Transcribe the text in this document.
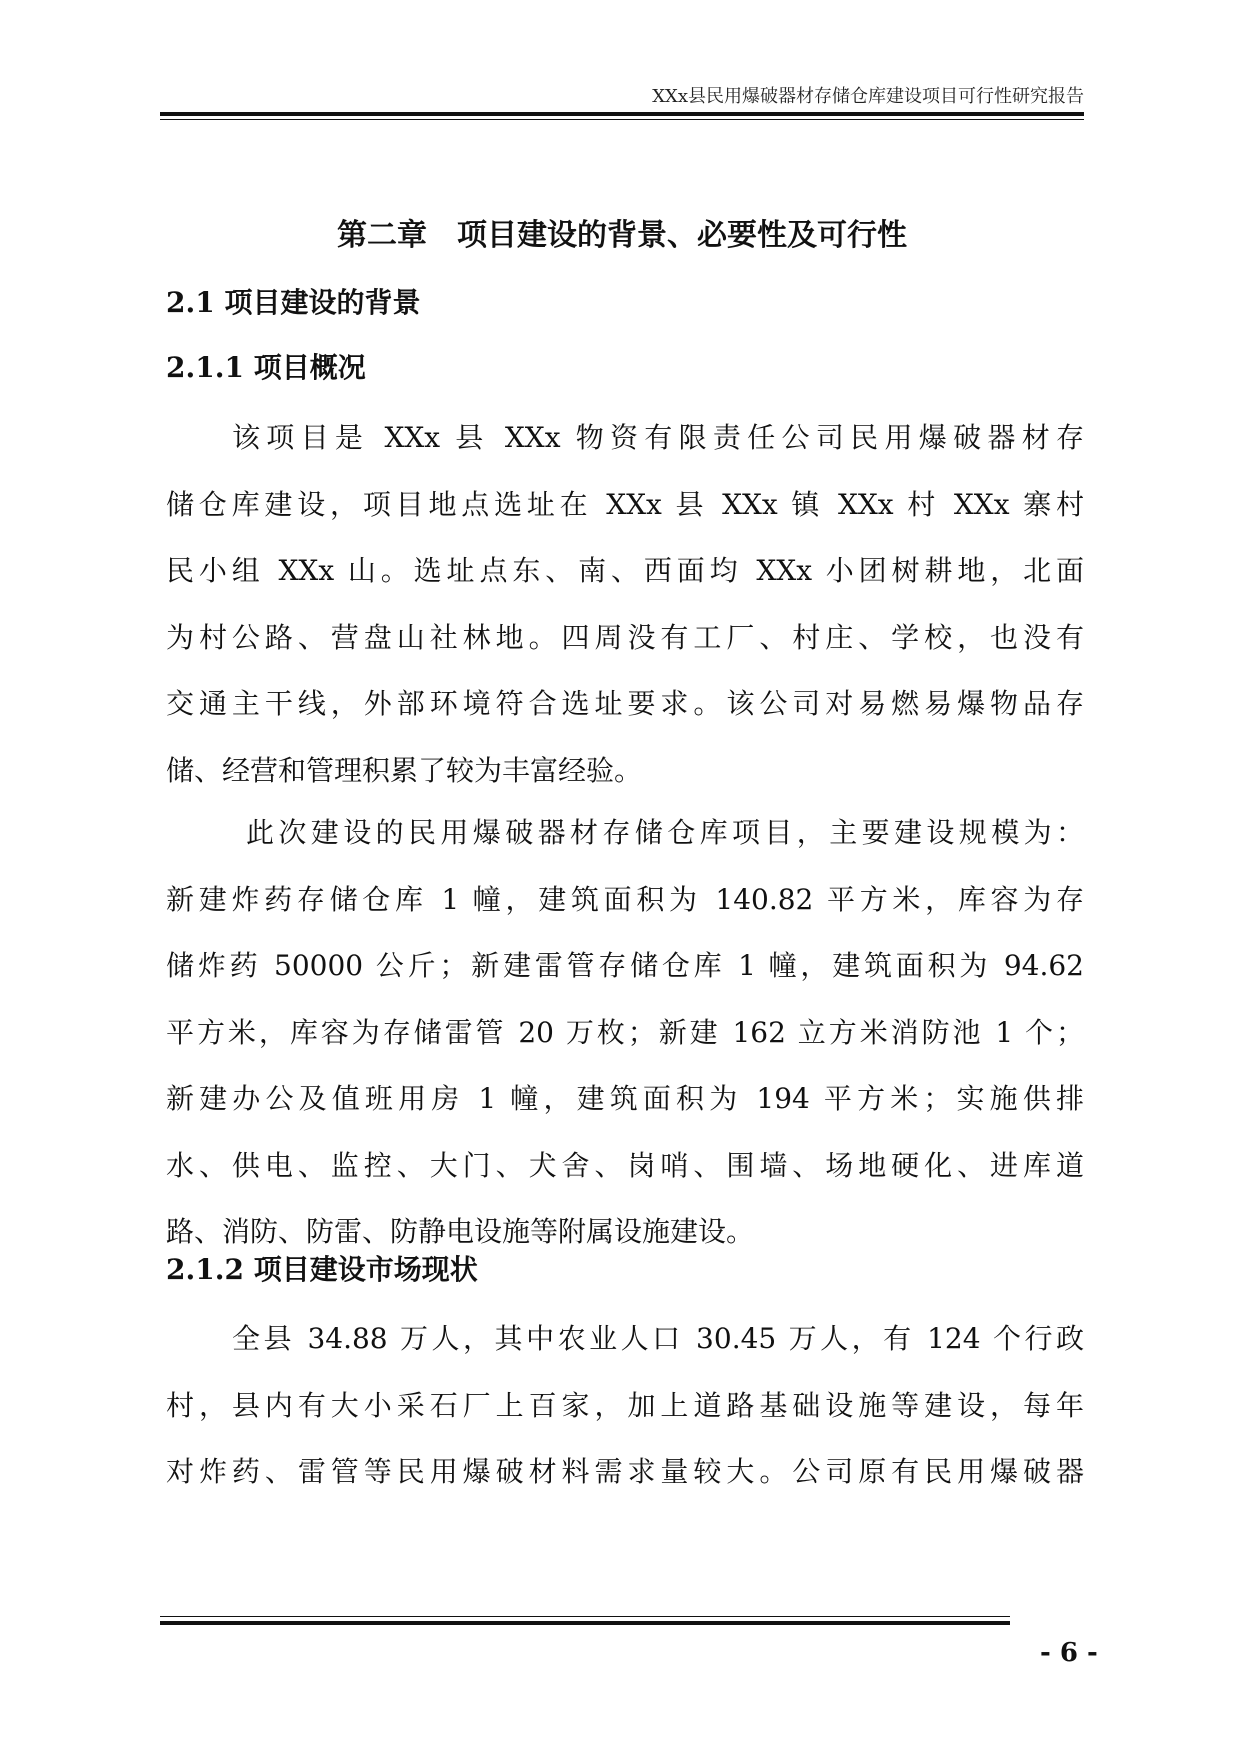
XXx县民用爆破器材存储仓库建设项目可行性研究报告
第二章　项目建设的背景、必要性及可行性
2.1 项目建设的背景
2.1.1 项目概况
该项目是 XXx 县 XXx 物资有限责任公司民用爆破器材存
储仓库建设，项目地点选址在 XXx 县 XXx 镇 XXx 村 XXx 寨村
民小组 XXx 山。选址点东、南、西面均 XXx 小团树耕地，北面
为村公路、营盘山社林地。四周没有工厂、村庄、学校，也没有
交通主干线，外部环境符合选址要求。该公司对易燃易爆物品存
储、经营和管理积累了较为丰富经验。
此次建设的民用爆破器材存储仓库项目，主要建设规模为：
新建炸药存储仓库 1 幢，建筑面积为 140.82 平方米，库容为存
储炸药 50000 公斤；新建雷管存储仓库 1 幢，建筑面积为 94.62
平方米，库容为存储雷管 20 万枚；新建 162 立方米消防池 1 个；
新建办公及值班用房 1 幢，建筑面积为 194 平方米；实施供排
水、供电、监控、大门、犬舍、岗哨、围墙、场地硬化、进库道
路、消防、防雷、防静电设施等附属设施建设。
2.1.2 项目建设市场现状
全县 34.88 万人，其中农业人口 30.45 万人，有 124 个行政
村，县内有大小采石厂上百家，加上道路基础设施等建设，每年
对炸药、雷管等民用爆破材料需求量较大。公司原有民用爆破器
- 6 -
